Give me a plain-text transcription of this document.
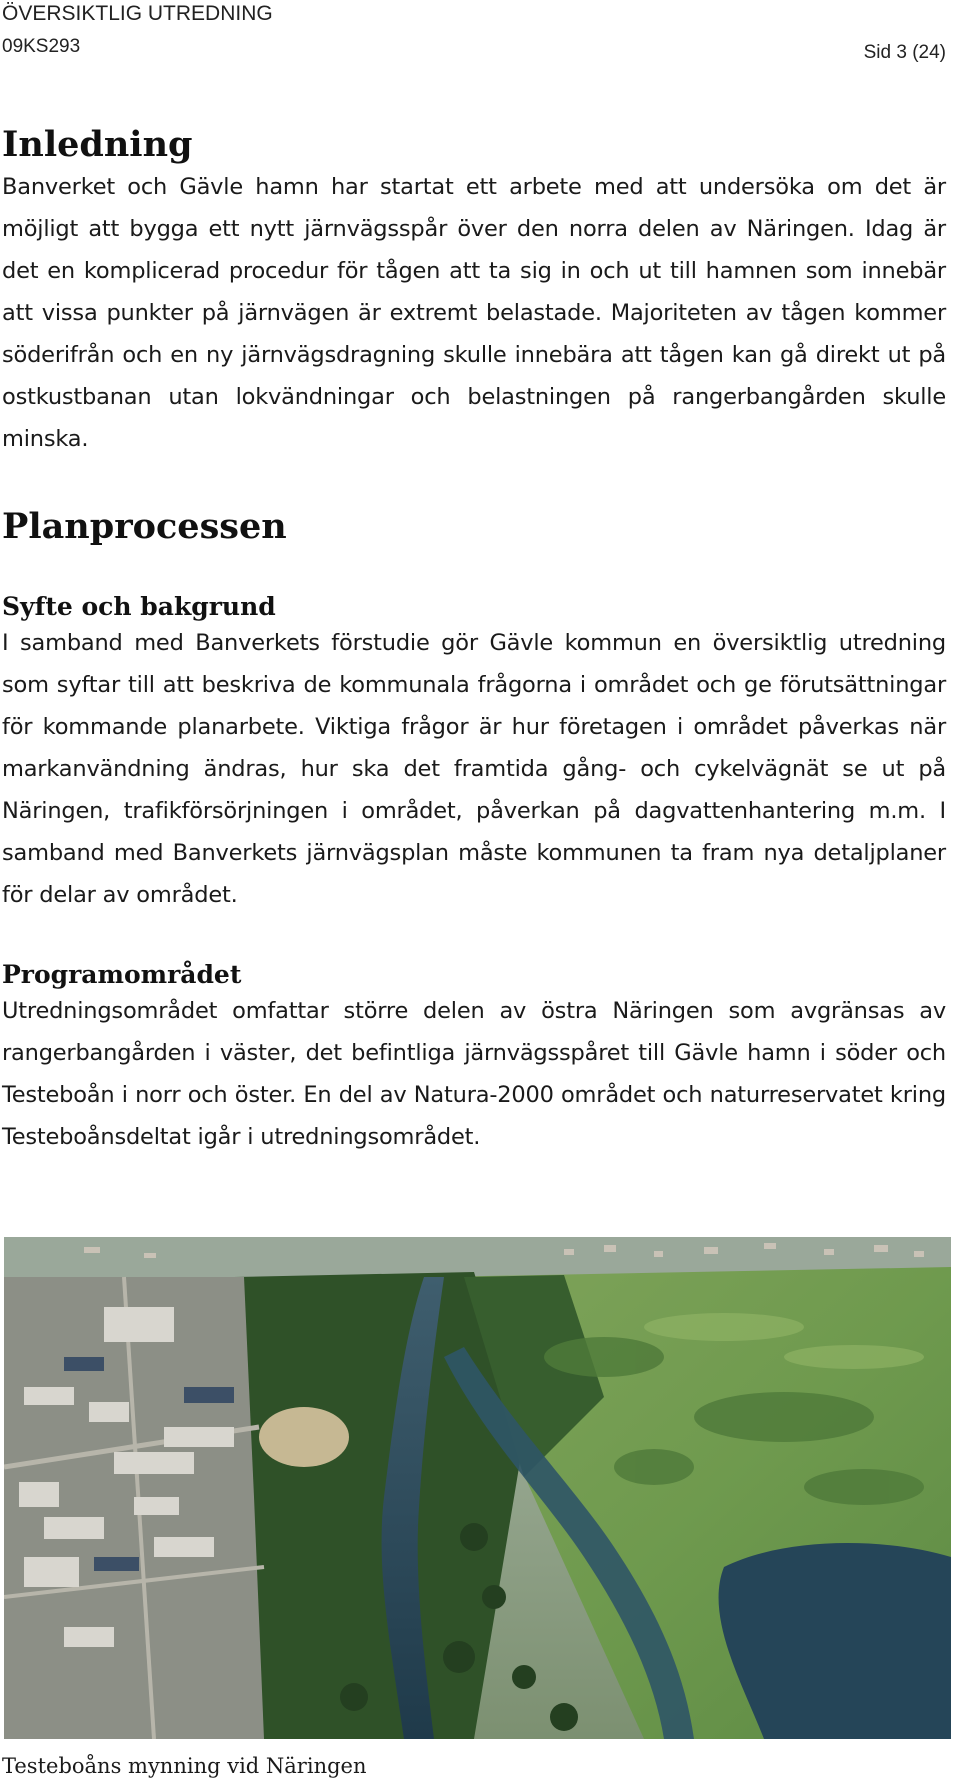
ÖVERSIKTLIG UTREDNING
09KS293	Sid 3 (24)
Inledning

Banverket och Gävle hamn har startat ett arbete med att undersöka om det är möjligt att bygga ett nytt järnvägsspår över den norra delen av Näringen. Idag är det en komplicerad procedur för tågen att ta sig in och ut till hamnen som innebär att vissa punkter på järnvägen är extremt belastade. Majoriteten av tågen kommer söderifrån och en ny järnvägsdragning skulle innebära att tågen kan gå direkt ut på ostkustbanan utan lokvändningar och belastningen på rangerbangården skulle minska.

Planprocessen
Syfte och bakgrund

I samband med Banverkets förstudie gör Gävle kommun en översiktlig utredning som syftar till att beskriva de kommunala frågorna i området och ge förutsättningar för kommande planarbete. Viktiga frågor är hur företagen i området påverkas när markanvändning ändras, hur ska det framtida gång- och cykelvägnät se ut på Näringen, trafikförsörjningen i området, påverkan på dagvattenhantering m.m. I samband med Banverkets järnvägsplan måste kommunen ta fram nya detaljplaner för delar av området.

Programområdet

Utredningsområdet omfattar större delen av östra Näringen som avgränsas av rangerbangården i väster, det befintliga järnvägsspåret till Gävle hamn i söder och Testeboån i norr och öster. En del av Natura-2000 området och naturreservatet kring Testeboånsdeltat igår i utredningsområdet.

Testeboåns mynning vid Näringen
